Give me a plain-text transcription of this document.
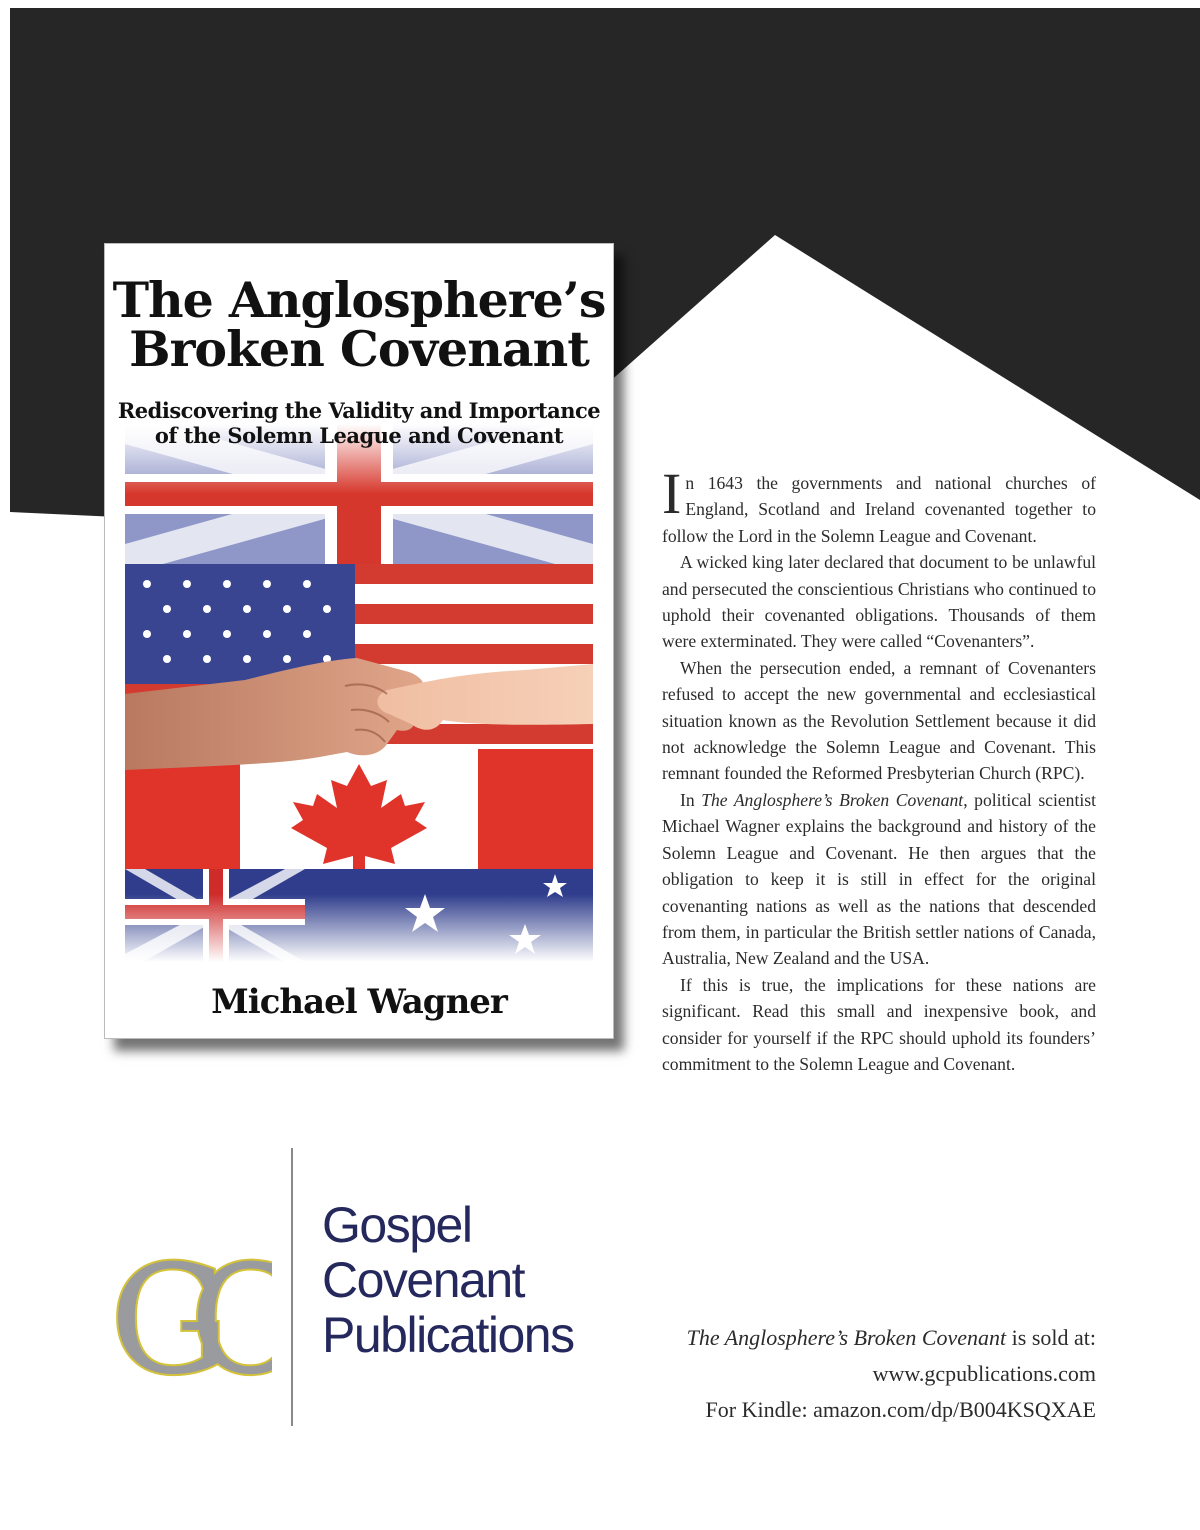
The Anglosphere’s
Broken Covenant
Rediscovering the Validity and Importance
of the Solemn League and Covenant
Michael Wagner

In 1643 the governments and national churches of England, Scotland and Ireland covenanted together to follow the Lord in the Solemn League and Covenant.

A wicked king later declared that document to be unlawful and persecuted the conscientious Christians who continued to uphold their covenanted obligations. Thousands of them were exterminated. They were called “Covenanters”.

When the persecution ended, a remnant of Covenanters refused to accept the new governmental and ecclesiastical situation known as the Revolution Settlement because it did not acknowledge the Solemn League and Covenant. This remnant founded the Reformed Presbyterian Church (RPC).

In The Anglosphere’s Broken Covenant, political scientist Michael Wagner explains the background and history of the Solemn League and Covenant. He then argues that the obligation to keep it is still in effect for the original covenanting nations as well as the nations that descended from them, in particular the British settler nations of Canada, Australia, New Zealand and the USA.

If this is true, the implications for these nations are significant. Read this small and inexpensive book, and consider for yourself if the RPC should uphold its founders’ commitment to the Solemn League and Covenant.

GC
Gospel
Covenant
Publications	The Anglosphere’s Broken Covenant is sold at:
www.gcpublications.com
For Kindle: amazon.com/dp/B004KSQXAE
